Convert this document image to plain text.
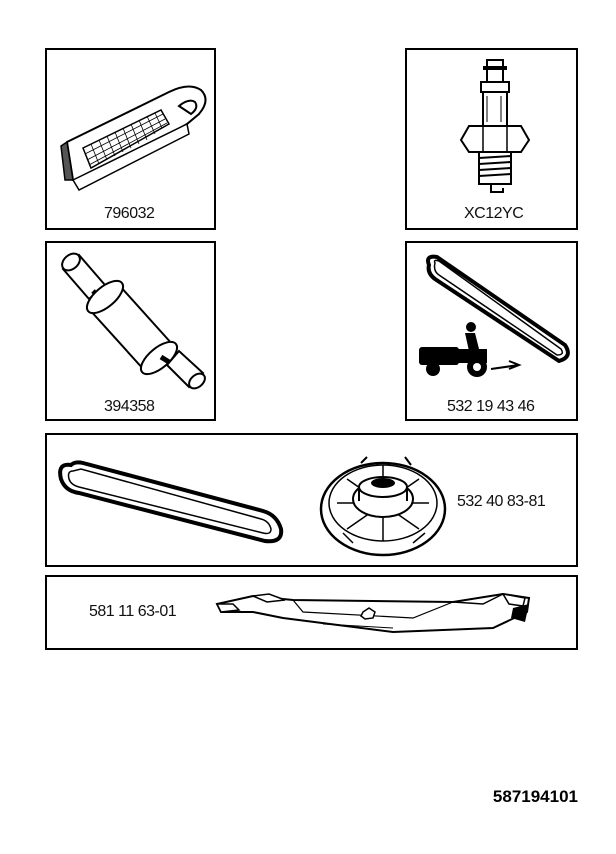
796032	XC12YC
394358	532 19 43 46
532 40 83-81
581 11 63-01
587194101
